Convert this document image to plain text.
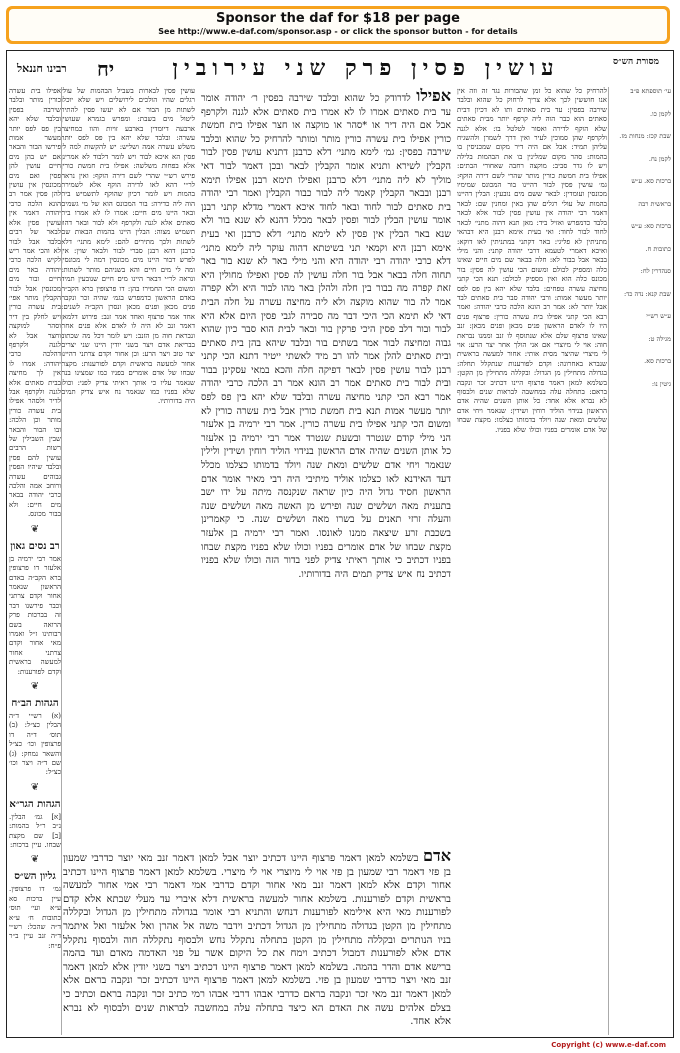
Sponsor the daf for $18 per page
See http://www.e-daf.com/sponsor.asp - or click the sponsor button - for details
מסורת הש״ס
עושין פסין פרק שני עירובין
יח
רבינו חננאל
עי׳ תוספתא פ״ב
לקמן כו.
שבת קכז: מנחות מז.
לקמן נח.
ברכות סא. ע״ש
בראשית רבה
ברכות סא: ע״ש
כתובות ח.
סנהדרין לח:
שבת קנא: נדה כד:
ע״ש רש״י
מגילה ט:
ברכות סא.
גיטין נו:
להרחיק כל שהוא כל זמן שהבורות נגד זה וזה אין אנו חוששין לכך אלא צריך לרחוק כל שהוא ובלבד שירבה בפסין: עד בית סאתים ותו לא דכיון דבית סאתים הוא כבר הוה ליה קרפף יותר מבית סאתים שלא הוקף לדירה ואסור לטלטל בו: אלא לגנה ולקרפף שהן סמוכין לעיר ואין דרך לשמרן ולהשגיח עליהן תמיד: אבל אם היה דיר מקום שמכניסין בו בהמות: סהר מקום שמלינין בו את הבהמות בלילה ויש לו גדר סביב: מוקצה רחבה שאחורי הבתים: אפילו בית חמשת כורין מותר שהרי לשם דירה הוקף: גמ׳ עושין פסין לבור דהיינו בור המכונס שמימיו מכונסין ועומדין: לבאר ששם מים נובעין: הבלין דהיינו בהמות של עולי רגלים שהן באין ומחנין שם: לבאר דאמר רבי יהודה אין עושין פסין לבור אלא לבאר בלבד כדמפרש ואזיל ביד: מאן תנא דהוה מתני׳ לבאר לחוד לבור לחוד: ואי בעית אימא רבנן היא דבהאי מתניתין לא פליגי: באר דקתני במתניתין לאו דוקא: ואיכא דאמרי לטעמא דרבי יהודה קתני: והני מילי בבאר אבל בבור לא: חלה בבאר שם מים חיים שאינו כלה ומספיק לכולם ומשום הכי עושין לה פסין: בור מכונס כלה הוא ואין מספיק לכולם: תנא הכי קתני מחיצה עשרה טפחים: בלבד שלא יהא בין פס לפס יותר מעשר אמות: ורבי יהודה סבר בית סאתים לבד אבל יותר לא: אמר רב הונא הלכה כרבי יהודה: ואמר רבא הכי קתני אפילו בית עשרה כורין: פרצוף פנים היו לו לאדם הראשון פנים מכאן ופנים מכאן: זנב שאינו פרצוף שלם אלא שנתוסף לו זנב וממנו נבראת חוה: אוי לי מיוצרי אם אני הולך אחר יצר הרע: אוי לי מיצרי שהיצר מסית אותי: אחור למעשה בראשית שנברא באחרונה: וקדם לפורענות שנתקלל תחלה: בגדולה מתחילין מן הגדול: ובקללה מתחילין מן הקטן: בשלמא למאן דאמר פרצוף היינו דכתיב זכר ונקבה בראם: בתחלה עלה במחשבה לבראות שנים ולבסוף לא נברא אלא אחד: כל אותן השנים שהיה אדם הראשון בנידוי הוליד רוחין ושידין: שנאמר ויחי אדם שלשים ומאת שנה ויולד בדמותו כצלמו: מקצת שבחו של אדם אומרים בפניו וכולו שלא בפניו.
אפילו לדרודק כל שהוא ובלבד שירבה בפסין ר׳ יהודה אומר עד בית סאתים אמרו לו לא אמרו בית סאתים אלא לגנה ולקרפף אבל אם היה דיר או *סהר או מוקצה או חצר אפילו בית חמשת כורין אפילו בית עשרה כורין מותר ומותר להרחיק כל שהוא ובלבד שירבה בפסין: גמ׳ לימא מתני׳ דלא כרבנן דתניא עושין פסין לבור הקבלין לשירא ותניא אומר הקבלין לבאר ובכן דאמר לבור דאי מוליך לא ליה מתני׳ דלא כרבנן ואפילו תימא רבנן אפילו תימא רבנן ובבאר הקבלין קאמר ליה לבור כבור הקבלין ואמר רבי יהודה בית סאתים לבור לחוד ובאר לחוד איכא דאמרי מדלא קתני רבנן אומר עושין הבלין לבור ופסין לבאר מכלל דהנא לא שנא בור ולא שנא באר הבלין אין פסין לא לימא מתני׳ דלא כרבנן ואי בעית אימא רבנן היא וקמאי תני בשיטתא דהוה עוקר ליה לימא מתני׳ דלא כרבי יהודה רבי יהודה היא והני מילי באר לא שנא בור באר תחוה חלה בבאר אבל בור חלה עושין לה פסין ואפילו מחולין היא זאת קפרה מה בבור בין חלה ולהלן באר מהו לבור היא ולא קפרה אמר לה בור שהוא מוקצה ולא ליה מחיצה עשרה על חלה הבית דאי לא תימא הכי היכי דבר מה סבירה לגבי פסין היום אלא היא לבור ובור דלב פסין היכי פרקין בור ובאר לבית הוא סבר כיון שהוא גבוה ומחיצה לבור אמר בשתים בור ובלבד שיהא בהן בית סאתים ובית סאתים להלן אמר להו רב מיד לאשתי ייטיר דתנא הכי קתני רבנן לבור עושין פסין לבאר דפיקה חלה והכא במאי עסקינן בבור ובית לבור בית סאתים אמר רב הונא אמר רב הלכה כרבי יהודה אמר רבא הכי קתני מחיצה עשרה ובלבד שלא יהא בין פס לפס יותר מעשר אמות תנא בית חמשת כורין אבל בית עשרה כורין לא ומשום הכי קתני אפילו בית עשרה כורין. אמר רבי ירמיה בן אלעזר הני מילי קודם שנטרד ובשעת שנטרד אמר רבי ירמיה בן אלעזר כל אותן השנים שהיה אדם הראשון בנידוי הוליד רוחין ושידין ולילין שנאמר ויחי אדם שלשים ומאת שנה ויולד בדמותו כצלמו מכלל דעד האידנא לאו כצלמו אוליד מיתיבי היה רבי מאיר אומר אדם הראשון חסיד גדול היה כיון שראה שנקנסה מיתה על ידו ישב בתענית מאה ושלשים שנה ופירש מן האשה מאה ושלשים שנה והעלה זרזי תאנים על בשרו מאה ושלשים שנה. כי קאמרינן בשכבת זרע שיצאה ממנו לאונסו. ואמר רבי ירמיה בן אלעזר מקצת שבחו של אדם אומרים בפניו וכולו שלא בפניו מקצת שבחו בפניו דכתיב כי אותך ראיתי צדיק לפני בדור הזה וכולו שלא בפניו דכתיב נח איש צדיק תמים היה בדורותיו.
אדם בשלמא למאן דאמר פרצוף היינו דכתיב יוצר אבל למאן דאמר זנב מאי יוצר כדרבי שמעון בן פזי דאמר רבי שמעון בן פזי אוי לי מיוצרי אוי לי מיצרי. בשלמא למאן דאמר פרצוף היינו דכתיב אחור וקדם אלא למאן דאמר זנב מאי אחור וקדם כדרבי אמי דאמר רבי אמי אחור למעשה בראשית וקדם לפורענות. בשלמא אחור למעשה בראשית דלא איברי עד מעלי שבתא אלא קדם לפורענות מאי היא אילימא לפורענות דנחש והתניא רבי אומר בגדולה מתחילין מן הגדול ובקללה מתחילין מן הקטן בגדולה מתחילין מן הגדול דכתיב וידבר משה אל אהרן ואל אלעזר ואל איתמר בניו הנותרים ובקללה מתחילין מן הקטן בתחלה נתקלל נחש ולבסוף נתקללה חוה ולבסוף נתקלל אדם אלא לפורענות דמבול דכתיב וימח את כל היקום אשר על פני האדמה מאדם ועד בהמה ברישא אדם והדר בהמה. בשלמא למאן דאמר פרצוף היינו דכתיב ויצר בשני יודין אלא למאן דאמר זנב מאי ויצר כדרבי שמעון בן פזי. בשלמא למאן דאמר פרצוף היינו דכתיב זכר ונקבה בראם אלא למאן דאמר זנב מאי זכר ונקבה בראם כדרבי אבהו דרבי אבהו רמי כתיב זכר ונקבה בראם וכתיב כי בצלם אלהים עשה את האדם הא כיצד בתחלה עלה במחשבה לבראות שנים ולבסוף לא נברא אלא אחד.
עושין פסין לבארות בשביל הבהמות של עולי רגלים שהיו הולכים לירושלים ויש שלא יוכלו לשתות מן הבור אם לא יעשו פסין להתיר ליטול מים בשבת: ומפרש בגמרא שעושין ארבעה דיומדין בארבע זויות והוו כמחיצה עשרה: ובלבד שלא יהא בין פס לפס יותר משלש עשרה אמה ושליש: יש להקשות למה לי פסין הא איכא לבוד ויש לומר דלבוד לא אמרינן אלא בפחות משלשה: אפילו בית חמשת כורין פירש רש״י שהרי לשם דירה הוקף: ואין נראה לר״י דהא לאו לדירה הוקף אלא לשמירת בהמות ויש לומר דכיון שהוקף לתשמיש בית הוה ליה כדירה: בור המכונס הוא של מי גשמים ובאר היינו מים חיים: אמרו לו לא אמרו בית סאתים אלא לגנה ולקרפף ולא לבור ובאר דהוו תשמיש מצוה: הבלין היינו בהמות הבאות שם לשתות ולכך מתירים להם: לימא מתני׳ דלא כרבנן דהא רבנן סברי לבור ולבאר שוין: אין לפרש דבור היינו מים מכונסין דמה לי מכונסין ומה לי מים חיים והא בשניהם מותר לשתות: ונראה לר״י דבאר היינו מים חיים שנובעין תמיד ומשום הכי החמירו בהן: דו פרצופין ברא הקב״ה באדם הראשון כדמפרש בגמ׳ שהיה זכר ונקבה פנים מכאן ופנים מכאן ונסרן הקב״ה לשנים: אחד אמר פרצוף ואחד אמר זנב: פירוש דלמאן דאמר זנב לא היה לו לאדם אלא פנים אחת ונבראת חוה מן הזנב: ויש לומר דכל מה שכתוב בבריאת אדם ויצר בשני יודין היינו שני יצרים יצר טוב ויצר הרע: וכן אחור וקדם צרתני דהיינו אחור למעשה בראשית וקדם לפורענות: מקצת שבחו של אדם אומרים בפניו כמו שמצינו בנח שנאמר עליו כי אותך ראיתי צדיק לפני: וכולו שלא בפניו כמו שנאמר נח איש צדיק תמים היה בדורותיו.
אפילו בית עשרה כורין מותר ובלבד שירבה בפסין ובלבד שלא יהא בין פס לפס יותר מעשר אמות פירשו הבור והבאר אם יש בהן מים חיים עושין להן פסין ואם מים מכונסין אין עושין להן פסין אמר רב הונא הלכה כרבי יהודה דאמר אין עושין פסין אלא לבאר של רבים בלבד אבל לבור לא והכי אמר ריש לקיש הלכה כרבי יהודה באר מים חיים ובור מים מכונסין אבל לבור הקבלין מותר אפי׳ בית עשרה כורין ויש לחלק בין דיר וסהר למוקצה וחצר אבל לא לגנה ולקרפף דהלכה כרבי יהודה: אמרו לו אין לך מחיצה בבית סאתים אלא לגנה ולקרפף אבל לדיר ולסהר אפילו בית עשרה כורין מותר וכן הלכה: ובו הבור והבאר שבין השבילין של רשות הרבים עושין להם פסין ובלבד שיהיו הפסין גבוהים עשרה ורוחב אמה והלכה כרבי יהודה בבאר מים חיים: ולא בבור מכונס.
❦
רב נסים גאון
אמר רבי ירמיה בן אלעזר דו פרצופין ברא הקב״ה באדם הראשון שנאמר אחור וקדם צרתני וכבר פירשנו דבר זה בברכות פרק הרואה בשם רבותינו ז״ל ואמרו מאי אחור וקדם צרתני אחור למעשה בראשית וקדם לפורענות:
❦
הגהות הב״ח
(א) רש״י ד״ה הבלין כצ״ל: (ב) תוס׳ ד״ה דו פרצופין וכו׳ כצ״ל והשאר נמחק: (ג) שם ד״ה ויצר וכו׳ כצ״ל:
❦
הגהות הגר״א
[א] גמ׳ הבלין. נ״ב ר״ל בהמות: [ב] שם מקצת שבחו. עיין ברכות:
❦
גליון הש״ס
גמ׳ דו פרצופין. עיין ברכות סא ע״א ועי׳ תוס׳ כתובות ח׳ ע״א ד״ה שהכל: רש״י ד״ה זנב עיין ב״ר פ״ח:
Copyright (c) www.e-daf.com
